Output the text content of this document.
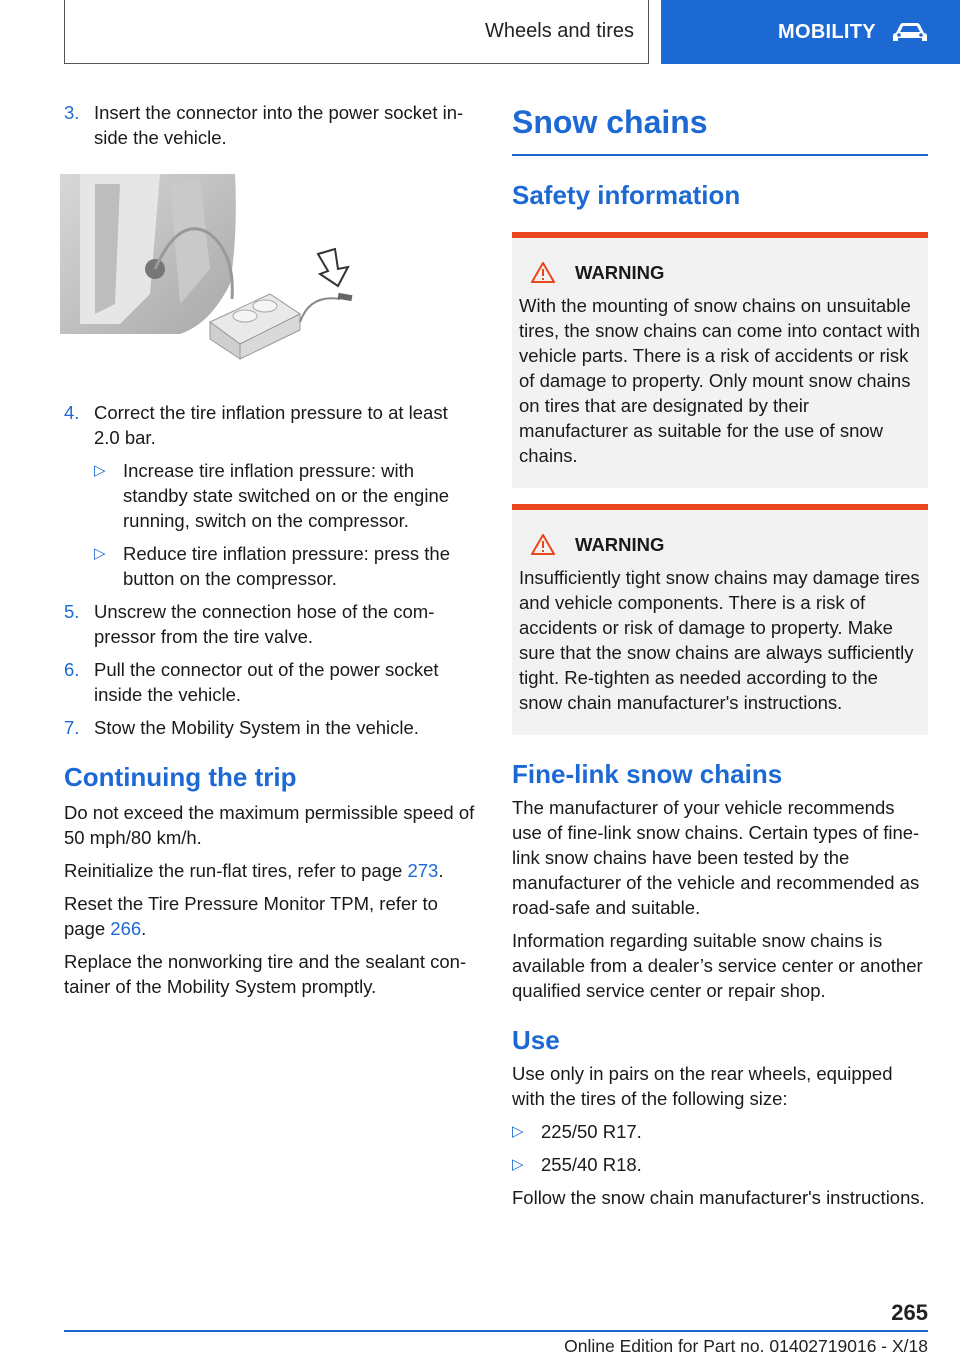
Wheels and tires	MOBILITY
3. Insert the connector into the power socket inside the vehicle.
4. Correct the tire inflation pressure to at least 2.0 bar.
▷ Increase tire inflation pressure: with standby state switched on or the engine running, switch on the compressor.
▷ Reduce tire inflation pressure: press the button on the compressor.
5. Unscrew the connection hose of the compressor from the tire valve.
6. Pull the connector out of the power socket inside the vehicle.
7. Stow the Mobility System in the vehicle.
Continuing the trip

Do not exceed the maximum permissible speed of 50 mph/80 km/h.

Reinitialize the run-flat tires, refer to page 273.

Reset the Tire Pressure Monitor TPM, refer to page 266.

Replace the nonworking tire and the sealant container of the Mobility System promptly.

Snow chains
Safety information
WARNING
With the mounting of snow chains on unsuitable tires, the snow chains can come into contact with vehicle parts. There is a risk of accidents or risk of damage to property. Only mount snow chains on tires that are designated by their manufacturer as suitable for the use of snow chains.
WARNING
Insufficiently tight snow chains may damage tires and vehicle components. There is a risk of accidents or risk of damage to property. Make sure that the snow chains are always sufficiently tight. Re-tighten as needed according to the snow chain manufacturer's instructions.
Fine-link snow chains

The manufacturer of your vehicle recommends use of fine-link snow chains. Certain types of fine-link snow chains have been tested by the manufacturer of the vehicle and recommended as road-safe and suitable.

Information regarding suitable snow chains is available from a dealer’s service center or another qualified service center or repair shop.

Use

Use only in pairs on the rear wheels, equipped with the tires of the following size:

▷ 225/50 R17.
▷ 255/40 R18.

Follow the snow chain manufacturer's instructions.

265
Online Edition for Part no. 01402719016 - X/18
